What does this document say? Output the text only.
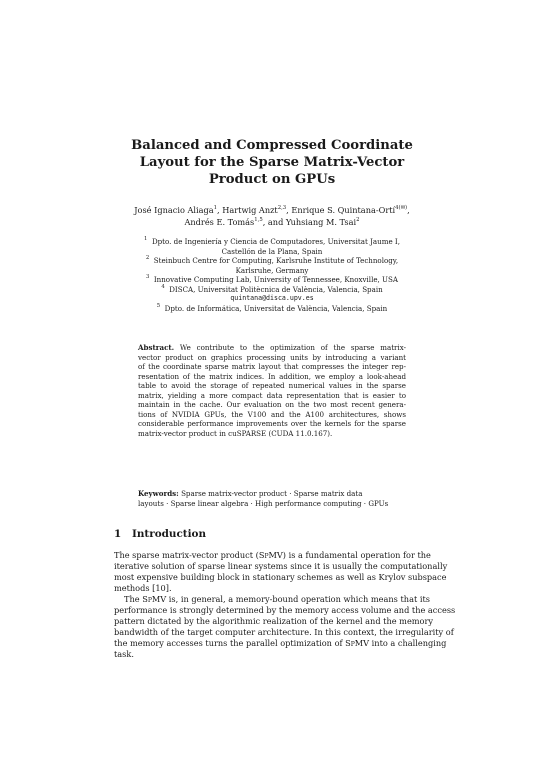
Balanced and Compressed Coordinate
Layout for the Sparse Matrix-Vector
Product on GPUs
José Ignacio Aliaga$^1$, Hartwig Anzt$^{2,3}$, Enrique S. Quintana-Ortí$^{4(✉)}$,
Andrés E. Tomás$^{1,5}$, and Yuhsiang M. Tsai$^2$
$^1$ Dpto. de Ingeniería y Ciencia de Computadores, Universitat Jaume I,
Castellón de la Plana, Spain
$^2$ Steinbuch Centre for Computing, Karlsruhe Institute of Technology,
Karlsruhe, Germany
$^3$ Innovative Computing Lab, University of Tennessee, Knoxville, USA
$^4$ DISCA, Universitat Politècnica de València, Valencia, Spain
quintana@disca.upv.es
$^5$ Dpto. de Informática, Universitat de València, Valencia, Spain
Abstract. We contribute to the optimization of the sparse matrix-
vector product on graphics processing units by introducing a variant
of the coordinate sparse matrix layout that compresses the integer rep-
resentation of the matrix indices. In addition, we employ a look-ahead
table to avoid the storage of repeated numerical values in the sparse
matrix, yielding a more compact data representation that is easier to
maintain in the cache. Our evaluation on the two most recent genera-
tions of NVIDIA GPUs, the V100 and the A100 architectures, shows
considerable performance improvements over the kernels for the sparse
matrix-vector product in cuSPARSE (CUDA 11.0.167).
Keywords: Sparse matrix-vector product · Sparse matrix data
layouts · Sparse linear algebra · High performance computing · GPUs
1 Introduction
The sparse matrix-vector product (SpMV) is a fundamental operation for the
iterative solution of sparse linear systems since it is usually the computationally
most expensive building block in stationary schemes as well as Krylov subspace
methods [10].
The SpMV is, in general, a memory-bound operation which means that its
performance is strongly determined by the memory access volume and the access
pattern dictated by the algorithmic realization of the kernel and the memory
bandwidth of the target computer architecture. In this context, the irregularity of
the memory accesses turns the parallel optimization of SpMV into a challenging
task.
